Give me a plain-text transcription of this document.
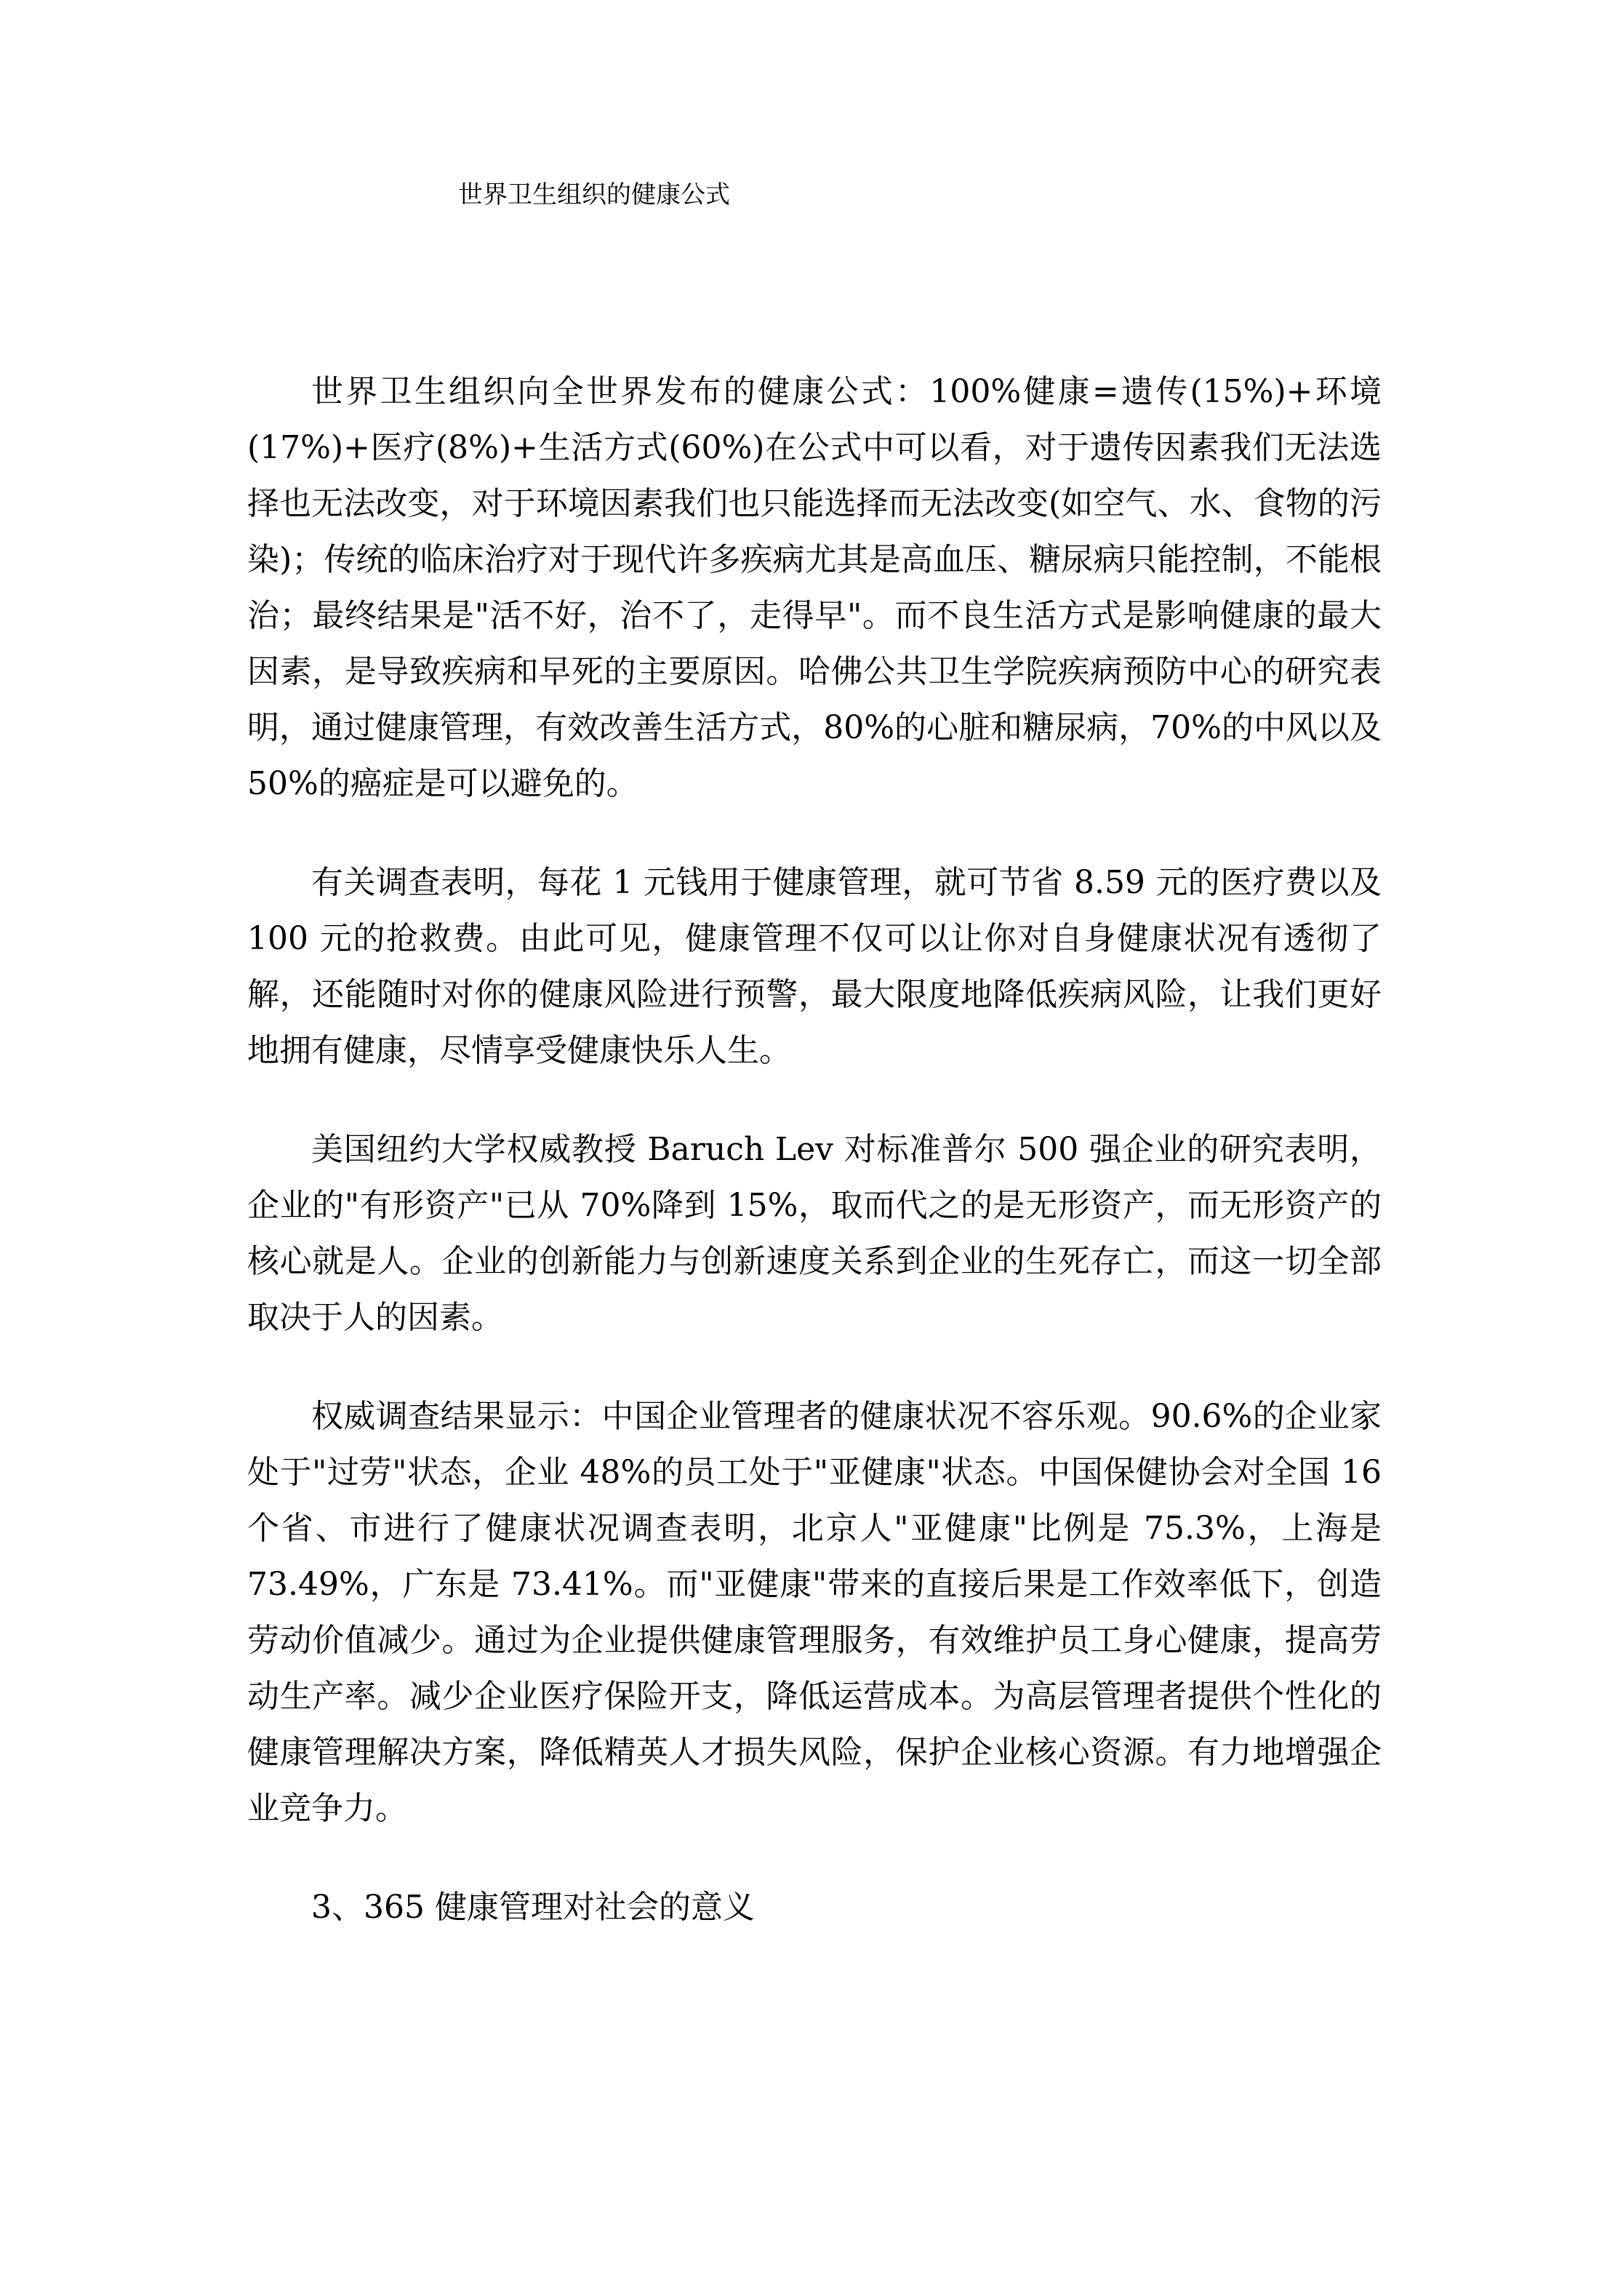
世界卫生组织的健康公式

世界卫生组织向全世界发布的健康公式：100%健康=遗传(15%)+环境(17%)+医疗(8%)+生活方式(60%)在公式中可以看，对于遗传因素我们无法选择也无法改变，对于环境因素我们也只能选择而无法改变(如空气、水、食物的污染)；传统的临床治疗对于现代许多疾病尤其是高血压、糖尿病只能控制，不能根治；最终结果是"活不好，治不了，走得早"。而不良生活方式是影响健康的最大因素，是导致疾病和早死的主要原因。哈佛公共卫生学院疾病预防中心的研究表明，通过健康管理，有效改善生活方式，80%的心脏和糖尿病，70%的中风以及50%的癌症是可以避免的。

有关调查表明，每花 1 元钱用于健康管理，就可节省 8.59 元的医疗费以及 100 元的抢救费。由此可见，健康管理不仅可以让你对自身健康状况有透彻了解，还能随时对你的健康风险进行预警，最大限度地降低疾病风险，让我们更好地拥有健康，尽情享受健康快乐人生。

美国纽约大学权威教授 Baruch Lev 对标准普尔 500 强企业的研究表明，企业的"有形资产"已从 70%降到 15%，取而代之的是无形资产，而无形资产的核心就是人。企业的创新能力与创新速度关系到企业的生死存亡，而这一切全部取决于人的因素。

权威调查结果显示：中国企业管理者的健康状况不容乐观。90.6%的企业家处于"过劳"状态，企业 48%的员工处于"亚健康"状态。中国保健协会对全国 16 个省、市进行了健康状况调查表明，北京人"亚健康"比例是 75.3%，上海是 73.49%，广东是 73.41%。而"亚健康"带来的直接后果是工作效率低下，创造劳动价值减少。通过为企业提供健康管理服务，有效维护员工身心健康，提高劳动生产率。减少企业医疗保险开支，降低运营成本。为高层管理者提供个性化的健康管理解决方案，降低精英人才损失风险，保护企业核心资源。有力地增强企业竞争力。

3、365 健康管理对社会的意义
